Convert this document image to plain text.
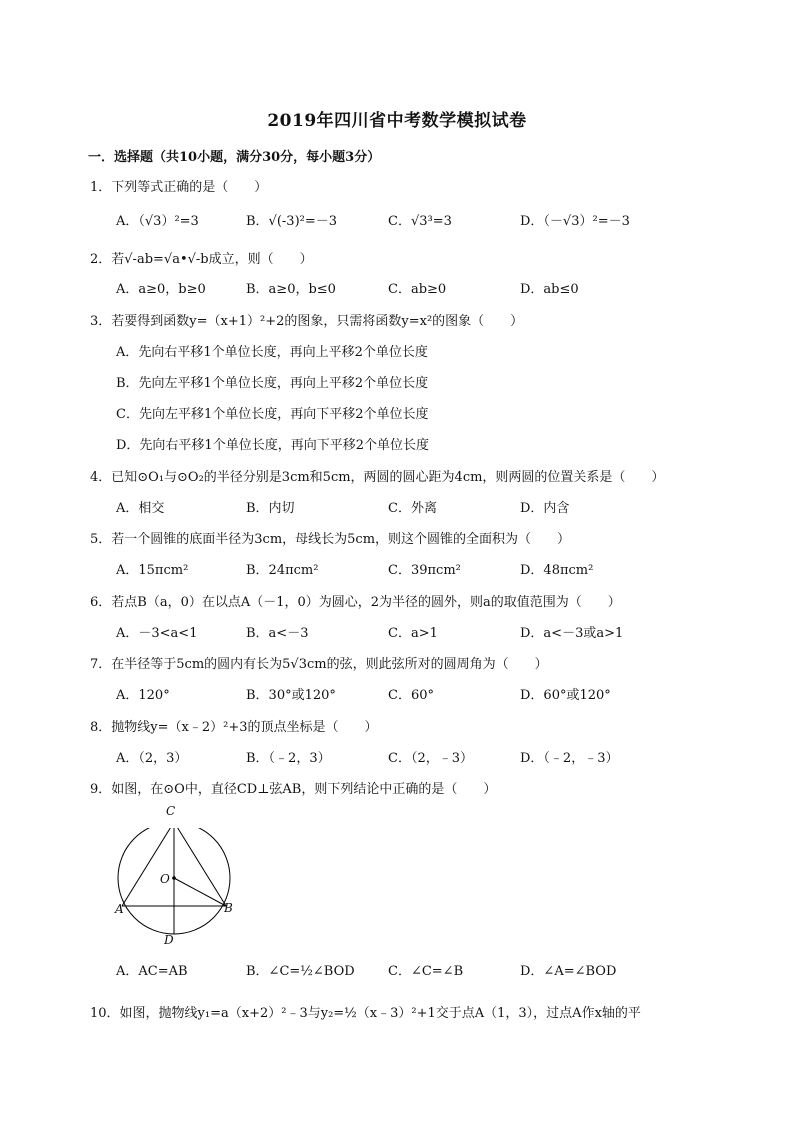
2019年四川省中考数学模拟试卷
一．选择题（共10小题，满分30分，每小题3分）
1．下列等式正确的是（　　）
A．（√3）²=3	B．√(-3)²=－3	C．√3³=3	D．（－√3）²=－3
2．若√-ab=√a•√-b成立，则（　　）
A．a≥0，b≥0	B．a≥0，b≤0	C．ab≥0	D．ab≤0
3．若要得到函数y=（x+1）²+2的图象，只需将函数y=x²的图象（　　）
A．先向右平移1个单位长度，再向上平移2个单位长度
B．先向左平移1个单位长度，再向上平移2个单位长度
C．先向左平移1个单位长度，再向下平移2个单位长度
D．先向右平移1个单位长度，再向下平移2个单位长度
4．已知⊙O₁与⊙O₂的半径分别是3cm和5cm，两圆的圆心距为4cm，则两圆的位置关系是（　　）
A．相交	B．内切	C．外离	D．内含
5．若一个圆锥的底面半径为3cm，母线长为5cm，则这个圆锥的全面积为（　　）
A．15πcm²	B．24πcm²	C．39πcm²	D．48πcm²
6．若点B（a，0）在以点A（－1，0）为圆心，2为半径的圆外，则a的取值范围为（　　）
A．－3<a<1	B．a<－3	C．a>1	D．a<－3或a>1
7．在半径等于5cm的圆内有长为5√3cm的弦，则此弦所对的圆周角为（　　）
A．120°	B．30°或120°	C．60°	D．60°或120°
8．抛物线y=（x﹣2）²+3的顶点坐标是（　　）
A．（2，3）	B．（﹣2，3）	C．（2，﹣3）	D．（﹣2，﹣3）
9．如图，在⊙O中，直径CD⊥弦AB，则下列结论中正确的是（　　）
C
O
A	B
D
A．AC=AB	B．∠C=½∠BOD	C．∠C=∠B	D．∠A=∠BOD
10．如图，抛物线y₁=a（x+2）²﹣3与y₂=½（x﹣3）²+1交于点A（1，3），过点A作x轴的平
